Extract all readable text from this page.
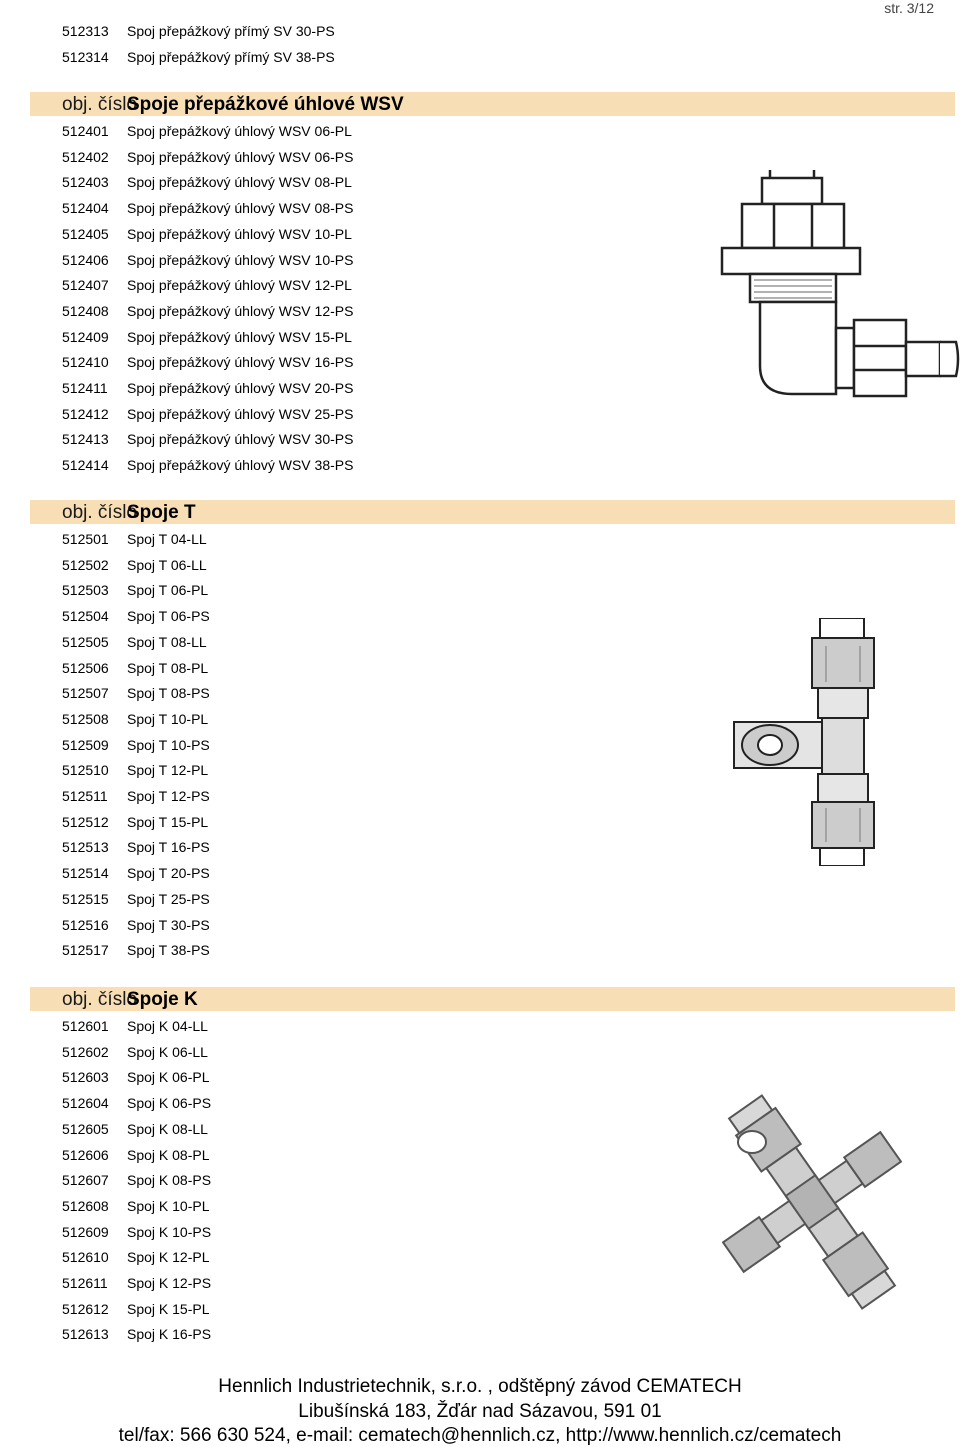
str. 3/12
512313 Spoj přepážkový přímý SV 30-PS
512314 Spoj přepážkový přímý SV 38-PS
obj. číslo
Spoje přepážkové úhlové WSV
512401 Spoj přepážkový úhlový WSV 06-PL
512402 Spoj přepážkový úhlový WSV 06-PS
512403 Spoj přepážkový úhlový WSV 08-PL
512404 Spoj přepážkový úhlový WSV 08-PS
512405 Spoj přepážkový úhlový WSV 10-PL
512406 Spoj přepážkový úhlový WSV 10-PS
512407 Spoj přepážkový úhlový WSV 12-PL
512408 Spoj přepážkový úhlový WSV 12-PS
512409 Spoj přepážkový úhlový WSV 15-PL
512410 Spoj přepážkový úhlový WSV 16-PS
512411 Spoj přepážkový úhlový WSV 20-PS
512412 Spoj přepážkový úhlový WSV 25-PS
512413 Spoj přepážkový úhlový WSV 30-PS
512414 Spoj přepážkový úhlový WSV 38-PS
obj. číslo
Spoje T
512501 Spoj T 04-LL
512502 Spoj T 06-LL
512503 Spoj T 06-PL
512504 Spoj T 06-PS
512505 Spoj T 08-LL
512506 Spoj T 08-PL
512507 Spoj T 08-PS
512508 Spoj T 10-PL
512509 Spoj T 10-PS
512510 Spoj T 12-PL
512511 Spoj T 12-PS
512512 Spoj T 15-PL
512513 Spoj T 16-PS
512514 Spoj T 20-PS
512515 Spoj T 25-PS
512516 Spoj T 30-PS
512517 Spoj T 38-PS
obj. číslo
Spoje K
512601 Spoj K 04-LL
512602 Spoj K 06-LL
512603 Spoj K 06-PL
512604 Spoj K 06-PS
512605 Spoj K 08-LL
512606 Spoj K 08-PL
512607 Spoj K 08-PS
512608 Spoj K 10-PL
512609 Spoj K 10-PS
512610 Spoj K 12-PL
512611 Spoj K 12-PS
512612 Spoj K 15-PL
512613 Spoj K 16-PS
Hennlich Industrietechnik, s.r.o. , odštěpný závod CEMATECH
Libušínská 183, Žďár nad Sázavou, 591 01
tel/fax: 566 630 524, e-mail: cematech@hennlich.cz, http://www.hennlich.cz/cematech
